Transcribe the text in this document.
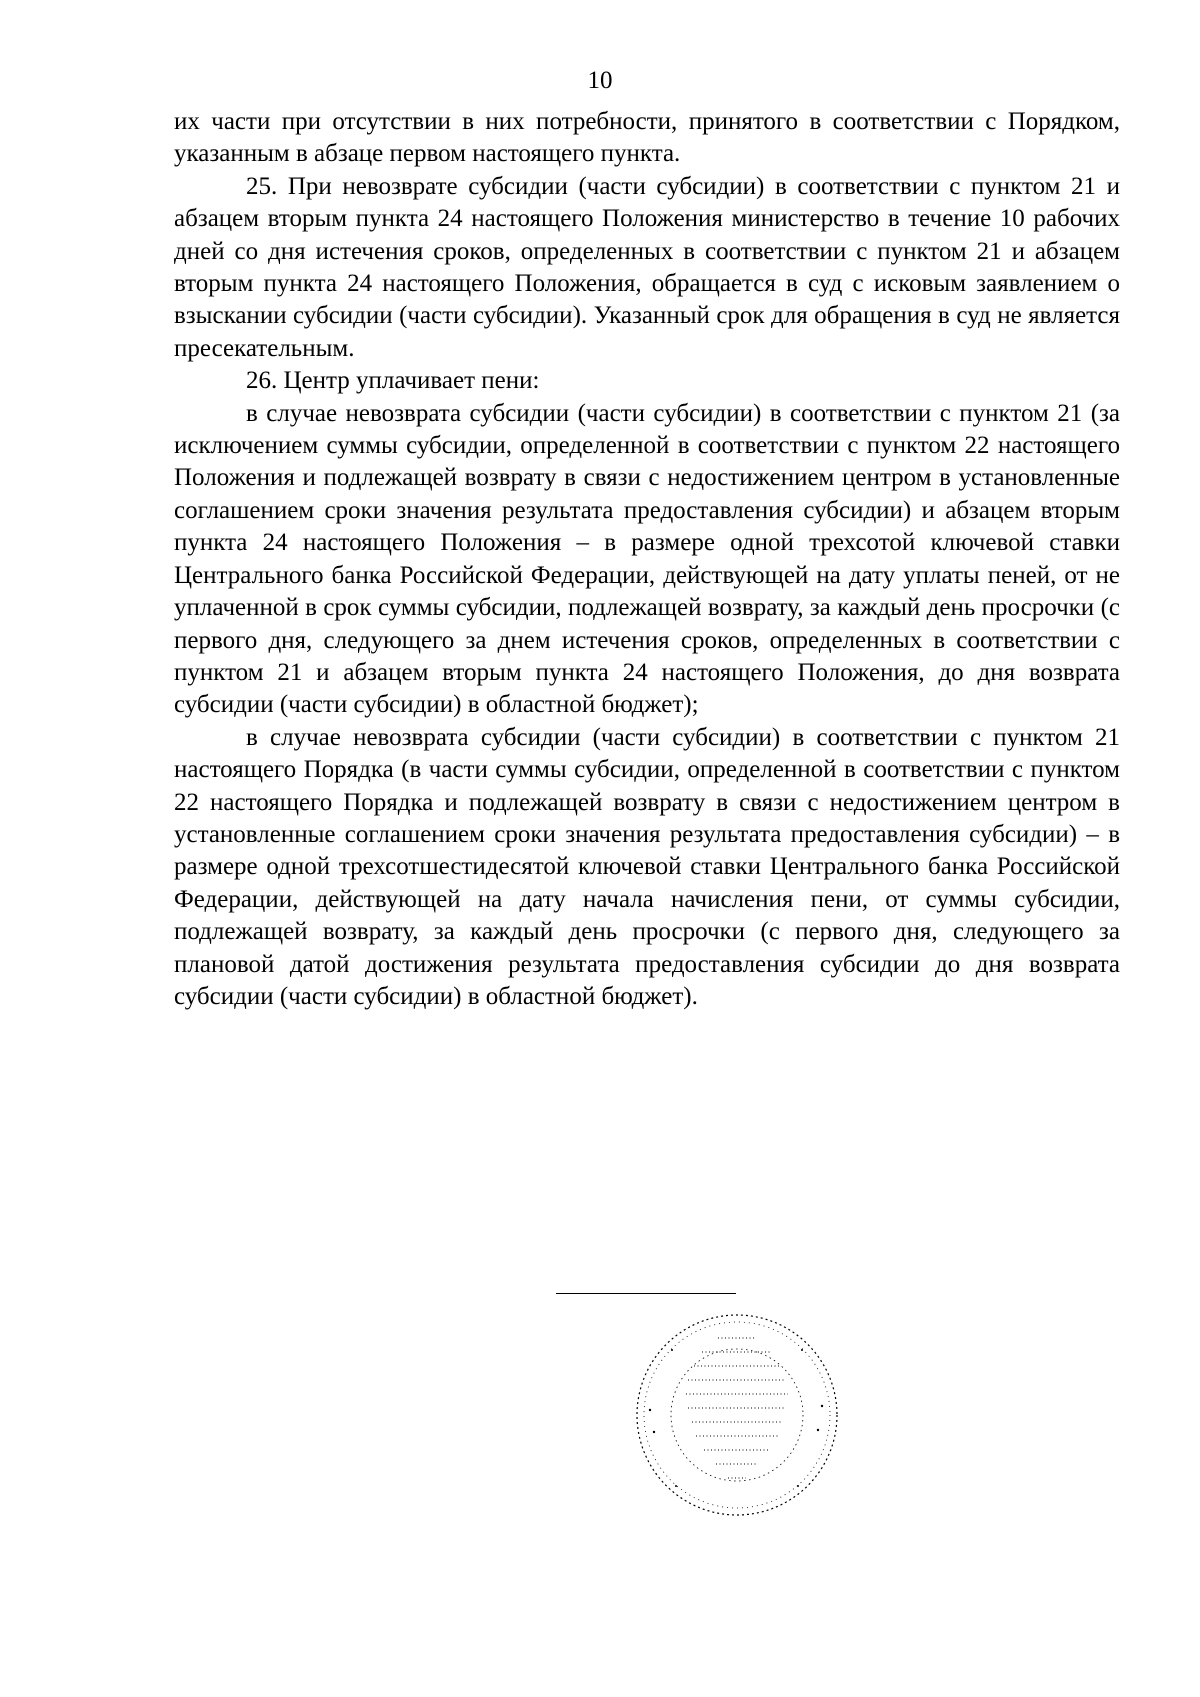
10

их части при отсутствии в них потребности, принятого в соответствии с Порядком, указанным в абзаце первом настоящего пункта.

25. При невозврате субсидии (части субсидии) в соответствии с пунктом 21 и абзацем вторым пункта 24 настоящего Положения министерство в течение 10 рабочих дней со дня истечения сроков, определенных в соответствии с пунктом 21 и абзацем вторым пункта 24 настоящего Положения, обращается в суд с исковым заявлением о взыскании субсидии (части субсидии). Указанный срок для обращения в суд не является пресекательным.

26. Центр уплачивает пени:

в случае невозврата субсидии (части субсидии) в соответствии с пунктом 21 (за исключением суммы субсидии, определенной в соответствии с пунктом 22 настоящего Положения и подлежащей возврату в связи с недостижением центром в установленные соглашением сроки значения результата предоставления субсидии) и абзацем вторым пункта 24 настоящего Положения – в размере одной трехсотой ключевой ставки Центрального банка Российской Федерации, действующей на дату уплаты пеней, от не уплаченной в срок суммы субсидии, подлежащей возврату, за каждый день просрочки (с первого дня, следующего за днем истечения сроков, определенных в соответствии с пунктом 21 и абзацем вторым пункта 24 настоящего Положения, до дня возврата субсидии (части субсидии) в областной бюджет);

в случае невозврата субсидии (части субсидии) в соответствии с пунктом 21 настоящего Порядка (в части суммы субсидии, определенной в соответствии с пунктом 22 настоящего Порядка и подлежащей возврату в связи с недостижением центром в установленные соглашением сроки значения результата предоставления субсидии) – в размере одной трехсотшестидесятой ключевой ставки Центрального банка Российской Федерации, действующей на дату начала начисления пени, от суммы субсидии, подлежащей возврату, за каждый день просрочки (с первого дня, следующего за плановой датой достижения результата предоставления субсидии до дня возврата субсидии (части субсидии) в областной бюджет).
